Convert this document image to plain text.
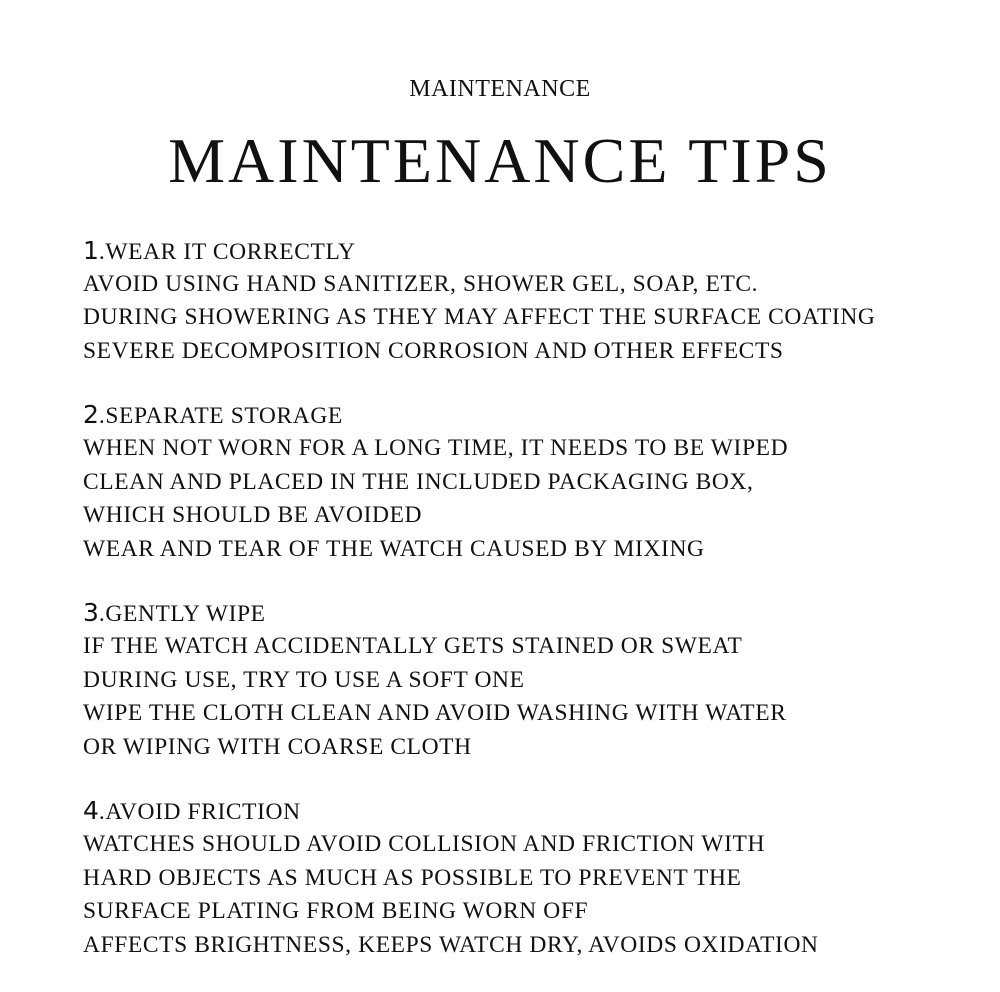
MAINTENANCE
MAINTENANCE TIPS
1.WEAR IT CORRECTLY
AVOID USING HAND SANITIZER, SHOWER GEL, SOAP, ETC.
DURING SHOWERING AS THEY MAY AFFECT THE SURFACE COATING
SEVERE DECOMPOSITION CORROSION AND OTHER EFFECTS
2.SEPARATE STORAGE
WHEN NOT WORN FOR A LONG TIME, IT NEEDS TO BE WIPED
CLEAN AND PLACED IN THE INCLUDED PACKAGING BOX,
WHICH SHOULD BE AVOIDED
WEAR AND TEAR OF THE WATCH CAUSED BY MIXING
3.GENTLY WIPE
IF THE WATCH ACCIDENTALLY GETS STAINED OR SWEAT
DURING USE, TRY TO USE A SOFT ONE
WIPE THE CLOTH CLEAN AND AVOID WASHING WITH WATER
OR WIPING WITH COARSE CLOTH
4.AVOID FRICTION
WATCHES SHOULD AVOID COLLISION AND FRICTION WITH
HARD OBJECTS AS MUCH AS POSSIBLE TO PREVENT THE
SURFACE PLATING FROM BEING WORN OFF
AFFECTS BRIGHTNESS, KEEPS WATCH DRY, AVOIDS OXIDATION
